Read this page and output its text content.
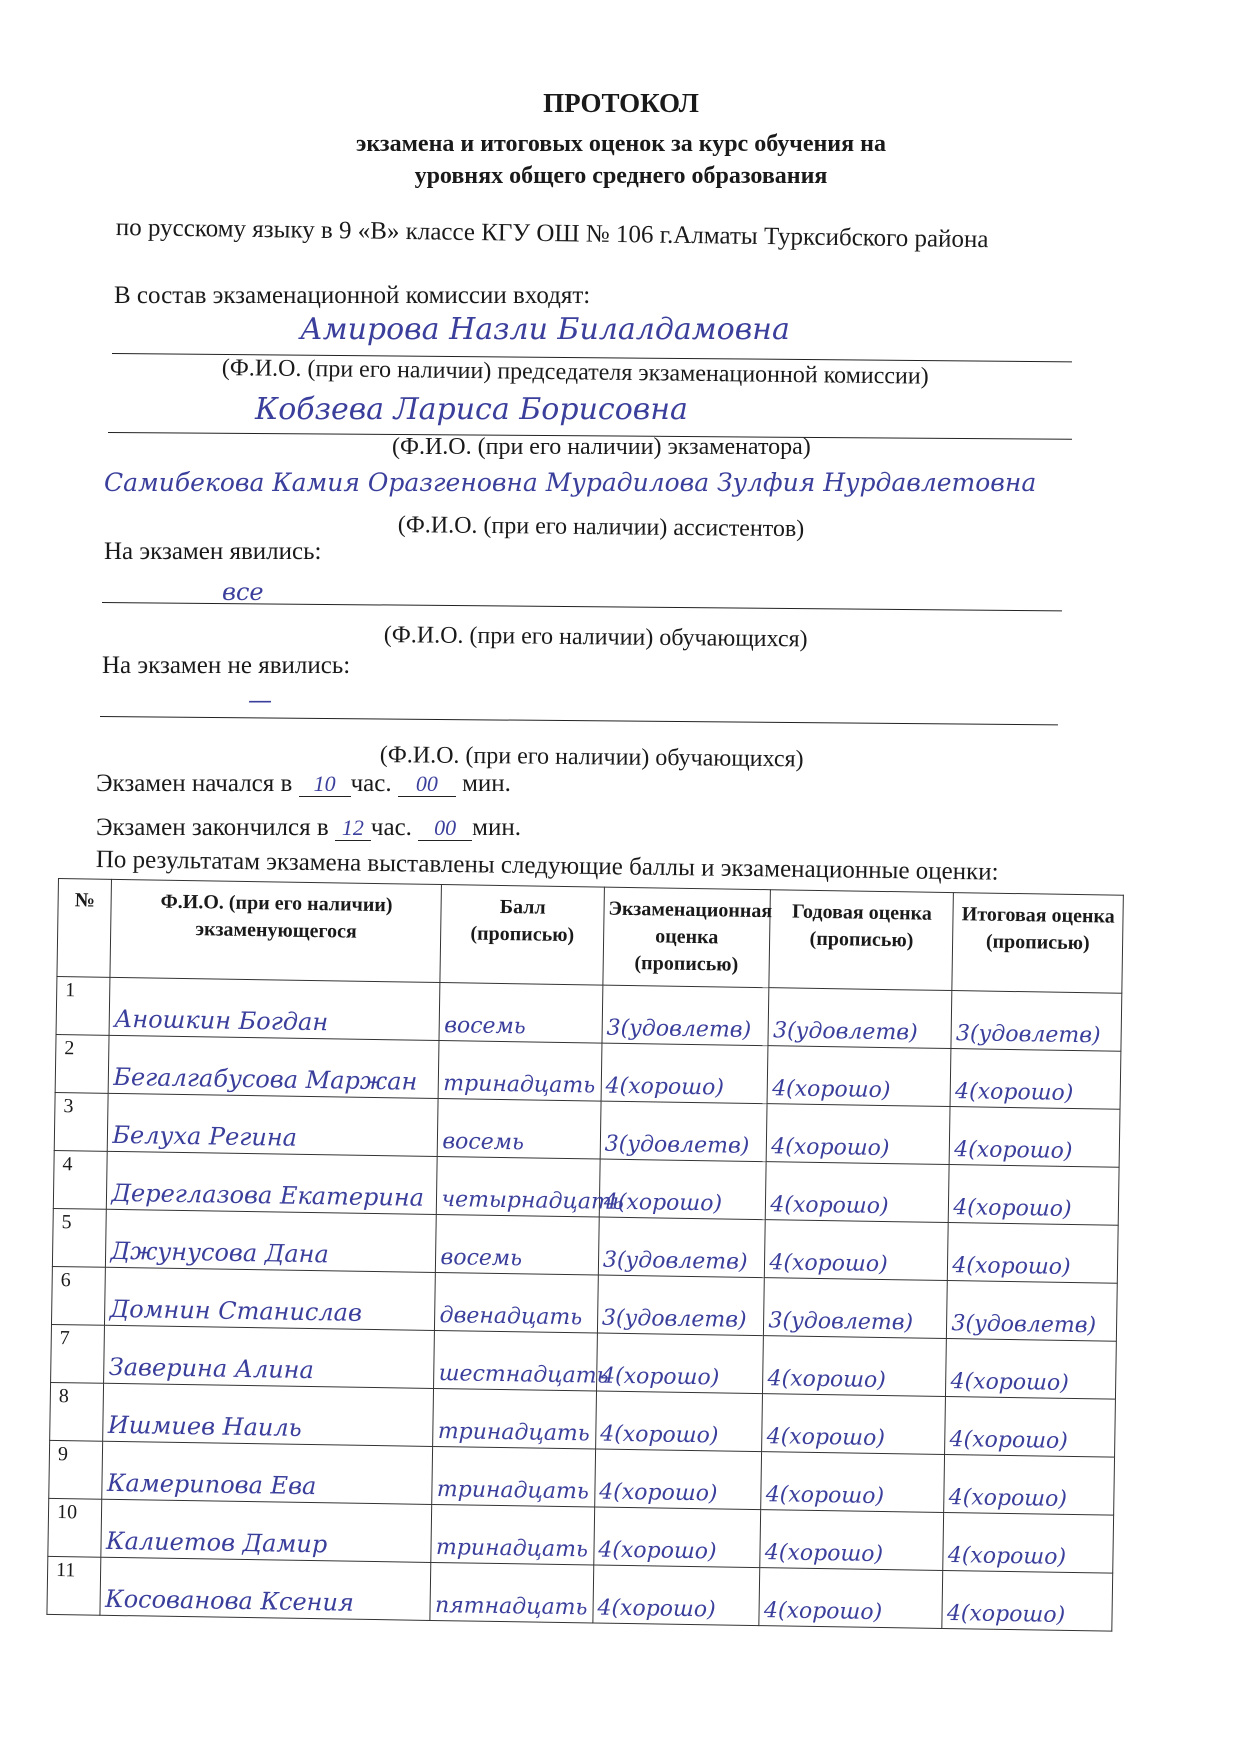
ПРОТОКОЛ
экзамена и итоговых оценок за курс обучения на
уровнях общего среднего образования
по русскому языку в 9 «В» классе КГУ ОШ № 106 г.Алматы Турксибского района
В состав экзаменационной комиссии входят:
Амирова Назли Билалдамовна
(Ф.И.О. (при его наличии) председателя экзаменационной комиссии)
Кобзева Лариса Борисовна
(Ф.И.О. (при его наличии) экзаменатора)
Самибекова Камия Оразгеновна Мурадилова Зулфия Нурдавлетовна
(Ф.И.О. (при его наличии) ассистентов)
На экзамен явились:
все
(Ф.И.О. (при его наличии) обучающихся)
На экзамен не явились:
—
(Ф.И.О. (при его наличии) обучающихся)
Экзамен начался в 10 час. 00 мин.
Экзамен закончился в 12 час. 00 мин.
По результатам экзамена выставлены следующие баллы и экзаменационные оценки:
№	Ф.И.О. (при его наличии) экзаменующегося	Балл (прописью)	Экзаменационная оценка (прописью)	Годовая оценка (прописью)	Итоговая оценка (прописью)
1	Аношкин Богдан	восемь	3(удовлетв)	3(удовлетв)	3(удовлетв)
2	Бегалгабусова Маржан	тринадцать	4(хорошо)	4(хорошо)	4(хорошо)
3	Белуха Регина	восемь	3(удовлетв)	4(хорошо)	4(хорошо)
4	Дереглазова Екатерина	четырнадцать	4(хорошо)	4(хорошо)	4(хорошо)
5	Джунусова Дана	восемь	3(удовлетв)	4(хорошо)	4(хорошо)
6	Домнин Станислав	двенадцать	3(удовлетв)	3(удовлетв)	3(удовлетв)
7	Заверина Алина	шестнадцать	4(хорошо)	4(хорошо)	4(хорошо)
8	Ишмиев Наиль	тринадцать	4(хорошо)	4(хорошо)	4(хорошо)
9	Камерипова Ева	тринадцать	4(хорошо)	4(хорошо)	4(хорошо)
10	Калиетов Дамир	тринадцать	4(хорошо)	4(хорошо)	4(хорошо)
11	Косованова Ксения	пятнадцать	4(хорошо)	4(хорошо)	4(хорошо)
